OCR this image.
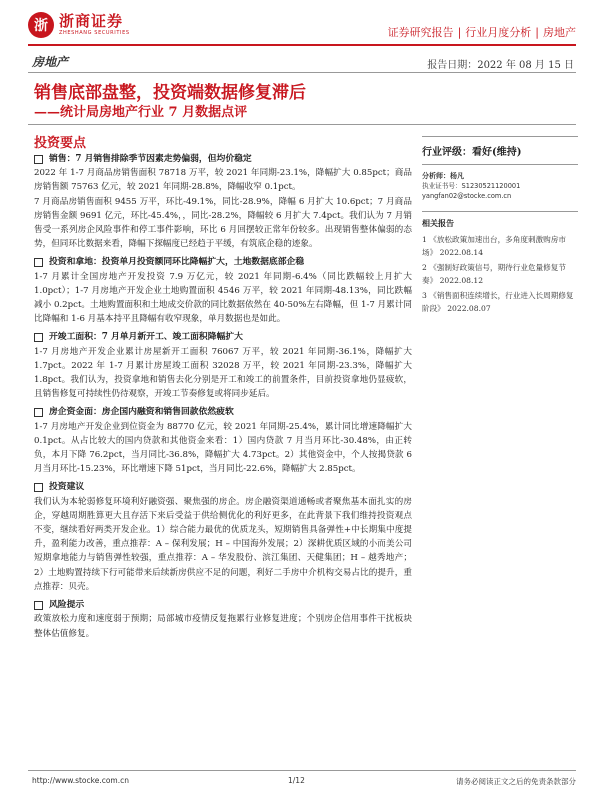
浙 浙商证券
ZHESHANG SECURITIES	证券研究报告 | 行业月度分析 | 房地产
房地产	报告日期：2022 年 08 月 15 日
销售底部盘整，投资端数据修复滞后
——统计局房地产行业 7 月数据点评
投资要点
销售：7 月销售排除季节因素走势偏弱，但均价稳定
2022 年 1-7 月商品房销售面积 78718 万平，较 2021 年同期-23.1%，降幅扩大 0.85pct；商品房销售额 75763 亿元，较 2021 年同期-28.8%，降幅收窄 0.1pct。
7 月商品房销售面积 9455 万平，环比-49.1%，同比-28.9%，降幅 6 月扩大 10.6pct；7 月商品房销售金额 9691 亿元，环比-45.4%，，同比-28.2%，降幅较 6 月扩大 7.4pct。我们认为 7 月销售受一系列房企风险事件和停工事件影响，环比 6 月回摆较正常年份较多。出现销售整体偏弱的态势，但同环比数据来看，降幅下探幅度已经趋于平缓，有筑底企稳的迹象。
投资和拿地：投资单月投资额同环比降幅扩大，土地数据底部企稳
1-7 月累计全国房地产开发投资 7.9 万亿元，较 2021 年同期-6.4%（同比跌幅较上月扩大 1.0pct）；1-7 月房地产开发企业土地购置面积 4546 万平，较 2021 年同期-48.13%，同比跌幅减小 0.2pct。土地购置面积和土地成交价款的同比数据依然在 40-50%左右降幅，但 1-7 月累计同比降幅和 1-6 月基本持平且降幅有收窄现象，单月数据也是如此。
开竣工面积：7 月单月新开工、竣工面积降幅扩大
1-7 月房地产开发企业累计房屋新开工面积 76067 万平，较 2021 年同期-36.1%，降幅扩大 1.7pct。2022 年 1-7 月累计房屋竣工面积 32028 万平，较 2021 年同期-23.3%，降幅扩大 1.8pct。我们认为，投资拿地和销售去化分别是开工和竣工的前置条件，目前投资拿地仍显疲软，且销售修复可持续性仍待观察，开竣工节奏修复或将同步延后。
房企资金面：房企国内融资和销售回款依然疲软
1-7 月房地产开发企业到位资金为 88770 亿元，较 2021 年同期-25.4%，累计同比增速降幅扩大 0.1pct。从占比较大的国内贷款和其他资金来看：1）国内贷款 7 月当月环比-30.48%，由正转负，本月下降 76.2pct，当月同比-36.8%，降幅扩大 4.73pct。2）其他资金中，个人按揭贷款 6 月当月环比-15.23%，环比增速下降 51pct，当月同比-22.6%，降幅扩大 2.85pct。
投资建议
我们认为本轮弱修复环境利好融资强、聚焦强的房企。房企融资渠道通畅或者聚焦基本面扎实的房企，穿越周期胜算更大且存活下来后受益于供给侧优化的利好更多，在此背景下我们维持投资观点不变，继续看好两类开发企业。1）综合能力最优的优质龙头，短期销售具备弹性+中长期集中度提升，盈利能力改善，重点推荐：A – 保利发展；H – 中国海外发展；2）深耕优质区域的小而美公司短期拿地能力与销售弹性较强，重点推荐：A – 华发股份、滨江集团、天健集团；H – 越秀地产；2）土地购置持续下行可能带来后续新房供应不足的问题，利好二手房中介机构交易占比的提升，重点推荐：贝壳。
风险提示
政策放松力度和速度弱于预期；局部城市疫情反复拖累行业修复进度；个别房企信用事件干扰板块整体估值修复。
行业评级：看好(维持)
分析师：杨凡
执业证书号：S1230521120001
yangfan02@stocke.com.cn
相关报告
1 《放松政策加速出台，多角度刺激购房市场》 2022.08.14
2 《强制好政策信号，期待行业危量修复节奏》 2022.08.12
3 《销售面积连续增长，行业进入长周期修复阶段》 2022.08.07
http://www.stocke.com.cn	1/12	请务必阅读正文之后的免责条款部分
